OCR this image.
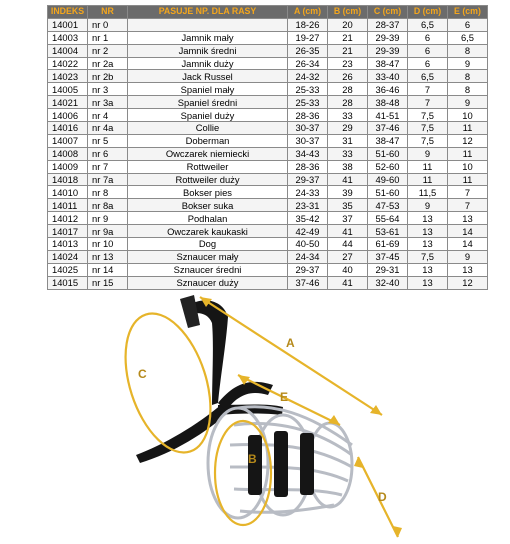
INDEKS	NR	PASUJE NP. DLA RASY	A (cm)	B (cm)	C (cm)	D (cm)	E (cm)
14001	nr 0		18-26	20	28-37	6,5	6
14003	nr 1	Jamnik mały	19-27	21	29-39	6	6,5
14004	nr 2	Jamnik średni	26-35	21	29-39	6	8
14022	nr 2a	Jamnik duży	26-34	23	38-47	6	9
14023	nr 2b	Jack Russel	24-32	26	33-40	6,5	8
14005	nr 3	Spaniel mały	25-33	28	36-46	7	8
14021	nr 3a	Spaniel średni	25-33	28	38-48	7	9
14006	nr 4	Spaniel duży	28-36	33	41-51	7,5	10
14016	nr 4a	Collie	30-37	29	37-46	7,5	11
14007	nr 5	Doberman	30-37	31	38-47	7,5	12
14008	nr 6	Owczarek niemiecki	34-43	33	51-60	9	11
14009	nr 7	Rottweiler	28-36	38	52-60	11	10
14018	nr 7a	Rottweiler duży	29-37	41	49-60	11	11
14010	nr 8	Bokser pies	24-33	39	51-60	11,5	7
14011	nr 8a	Bokser suka	23-31	35	47-53	9	7
14012	nr 9	Podhalan	35-42	37	55-64	13	13
14017	nr 9a	Owczarek kaukaski	42-49	41	53-61	13	14
14013	nr 10	Dog	40-50	44	61-69	13	14
14024	nr 13	Sznaucer mały	24-34	27	37-45	7,5	9
14025	nr 14	Sznaucer średni	29-37	40	29-31	13	13
14015	nr 15	Sznaucer duży	37-46	41	32-40	13	12
A
E
C
B
D
